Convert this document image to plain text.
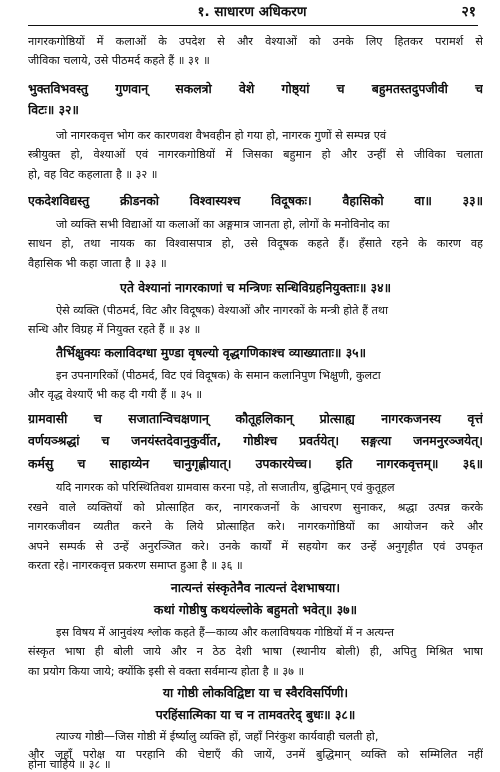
१. साधारण अधिकरण	२१
नागरकगोष्ठियों में कलाओं के उपदेश से और वेश्याओं को उनके लिए हितकर परामर्श से
जीविका चलाये, उसे पीठमर्द कहते हैं ॥ ३१ ॥
भुक्तविभवस्तु गुणवान् सकलत्रो वेशे गोष्ठ्यां च बहुमतस्तदुपजीवी च
विटः॥ ३२॥
जो नागरकवृत्त भोग कर कारणवश वैभवहीन हो गया हो, नागरक गुणों से सम्पन्न एवं
स्त्रीयुक्त हो, वेश्याओं एवं नागरकगोष्ठियों में जिसका बहुमान हो और उन्हीं से जीविका चलाता
हो, वह विट कहलाता है ॥ ३२ ॥
एकदेशविद्यस्तु क्रीडनको विश्वास्यश्च विदूषकः। वैहासिको वा॥ ३३॥
जो व्यक्ति सभी विद्याओं या कलाओं का अङ्गमात्र जानता हो, लोगों के मनोविनोद का
साधन हो, तथा नायक का विश्वासपात्र हो, उसे विदूषक कहते हैं। हँसाते रहने के कारण वह
वैहासिक भी कहा जाता है ॥ ३३ ॥
एते वेश्यानां नागरकाणां च मन्त्रिणः सन्धिविग्रहनियुक्ताः॥ ३४॥
ऐसे व्यक्ति (पीठमर्द, विट और विदूषक) वेश्याओं और नागरकों के मन्त्री होते हैं तथा
सन्धि और विग्रह में नियुक्त रहते हैं ॥ ३४ ॥
तैर्भिक्षुक्यः कलाविदग्धा मुण्डा वृषल्यो वृद्धगणिकाश्च व्याख्याताः॥ ३५॥
इन उपनागरिकों (पीठमर्द, विट एवं विदूषक) के समान कलानिपुण भिक्षुणी, कुलटा
और वृद्ध वेश्याएँ भी कह दी गयी हैं ॥ ३५ ॥
ग्रामवासी च सजातान्विचक्षणान् कौतूहलिकान् प्रोत्साह्य नागरकजनस्य वृत्तं
वर्णयञ्श्रद्धां च जनयंस्तदेवानुकुर्वीत, गोष्ठीश्च प्रवर्तयेत्। सङ्गत्या जनमनुरञ्जयेत्।
कर्मसु च साहाय्येन चानुगृह्णीयात्। उपकारयेच्च। इति नागरकवृत्तम्॥ ३६॥
यदि नागरक को परिस्थितिवश ग्रामवास करना पड़े, तो सजातीय, बुद्धिमान् एवं कुतूहल
रखने वाले व्यक्तियों को प्रोत्साहित कर, नागरकजनों के आचरण सुनाकर, श्रद्धा उत्पन्न करके
नागरकजीवन व्यतीत करने के लिये प्रोत्साहित करे। नागरकगोष्ठियों का आयोजन करे और
अपने सम्पर्क से उन्हें अनुरञ्जित करे। उनके कार्यों में सहयोग कर उन्हें अनुगृहीत एवं उपकृत
करता रहे। नागरकवृत्त प्रकरण समाप्त हुआ है ॥ ३६ ॥
नात्यन्तं संस्कृतेनैव नात्यन्तं देशभाषया।
कथां गोष्ठीषु कथयंल्लोके बहुमतो भवेत्॥ ३७॥
इस विषय में आनुवंश्य श्लोक कहते हैं—काव्य और कलाविषयक गोष्ठियों में न अत्यन्त
संस्कृत भाषा ही बोली जाये और न ठेठ देशी भाषा (स्थानीय बोली) ही, अपितु मिश्रित भाषा
का प्रयोग किया जाये; क्योंकि इसी से वक्ता सर्वमान्य होता है ॥ ३७ ॥
या गोष्ठी लोकविद्विष्टा या च स्वैरविसर्पिणी।
परहिंसात्मिका या च न तामवतरेद् बुधः॥ ३८॥
त्याज्य गोष्ठी—जिस गोष्ठी में ईर्ष्यालु व्यक्ति हों, जहाँ निरंकुश कार्यवाही चलती हो,
और जहाँ परोक्ष या परहानि की चेष्टाएँ की जायें, उनमें बुद्धिमान् व्यक्ति को सम्मिलित नहीं
होना चाहिये ॥ ३८ ॥
